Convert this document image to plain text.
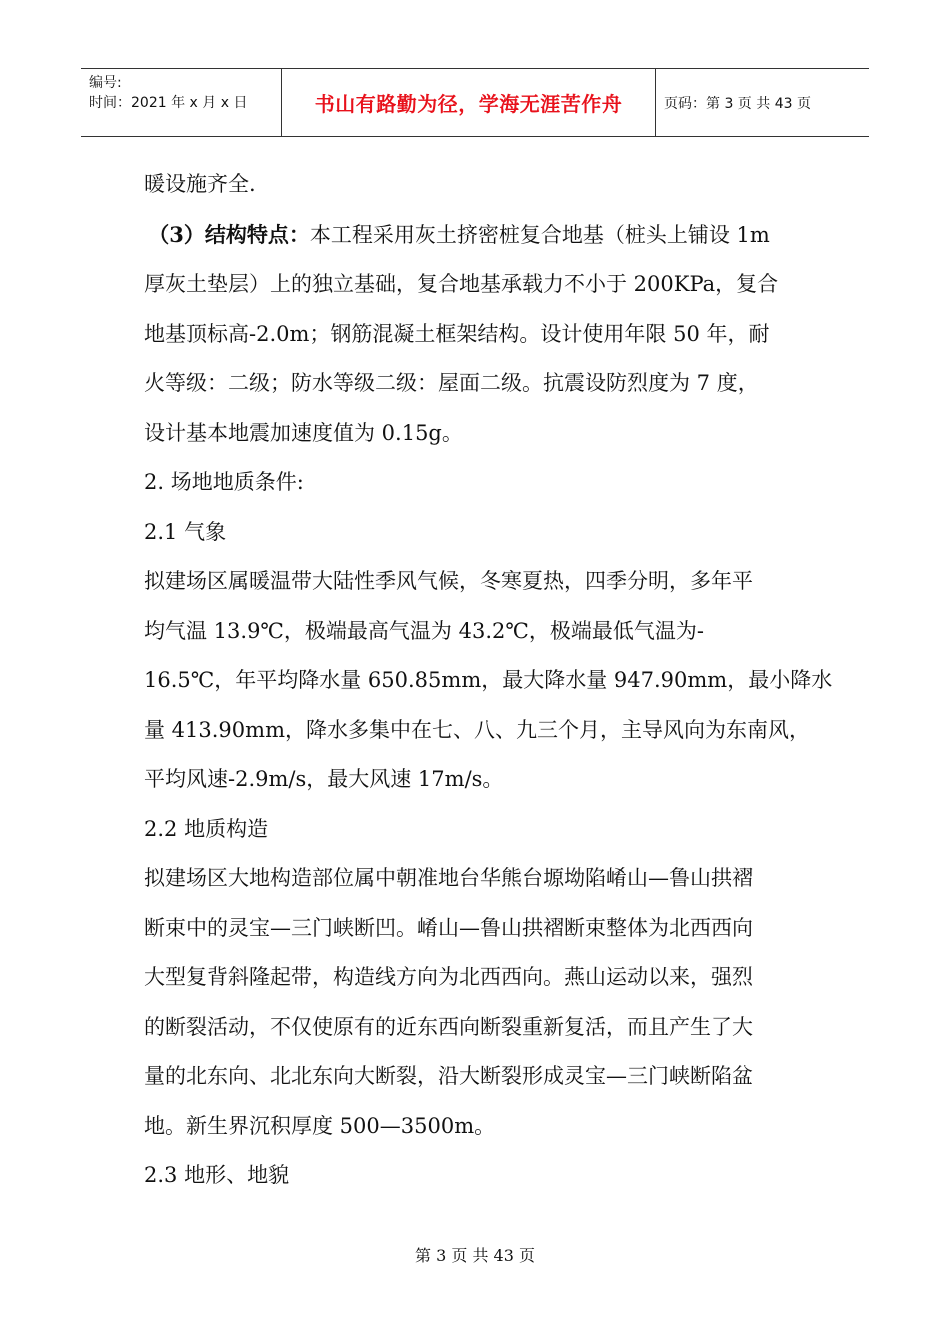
编号:
时间：2021 年 x 月 x 日	书山有路勤为径，学海无涯苦作舟	页码：第 3 页 共 43 页

暖设施齐全.

 （3）结构特点：本工程采用灰土挤密桩复合地基（桩头上铺设 1m

厚灰土垫层）上的独立基础，复合地基承载力不小于 200KPa，复合

地基顶标高-2.0m；钢筋混凝土框架结构。设计使用年限 50 年，耐

火等级：二级；防水等级二级：屋面二级。抗震设防烈度为 7 度，

设计基本地震加速度值为 0.15g。

2. 场地地质条件:

2.1 气象

拟建场区属暖温带大陆性季风气候，冬寒夏热，四季分明，多年平

均气温 13.9℃，极端最高气温为 43.2℃，极端最低气温为-

16.5℃，年平均降水量 650.85mm，最大降水量 947.90mm，最小降水

量 413.90mm，降水多集中在七、八、九三个月，主导风向为东南风，

平均风速-2.9m/s，最大风速 17m/s。

2.2 地质构造

拟建场区大地构造部位属中朝准地台华熊台塬坳陷崤山—鲁山拱褶

断束中的灵宝—三门峡断凹。崤山—鲁山拱褶断束整体为北西西向

大型复背斜隆起带，构造线方向为北西西向。燕山运动以来，强烈

的断裂活动，不仅使原有的近东西向断裂重新复活，而且产生了大

量的北东向、北北东向大断裂，沿大断裂形成灵宝—三门峡断陷盆

地。新生界沉积厚度 500—3500m。

2.3 地形、地貌

第 3 页 共 43 页
